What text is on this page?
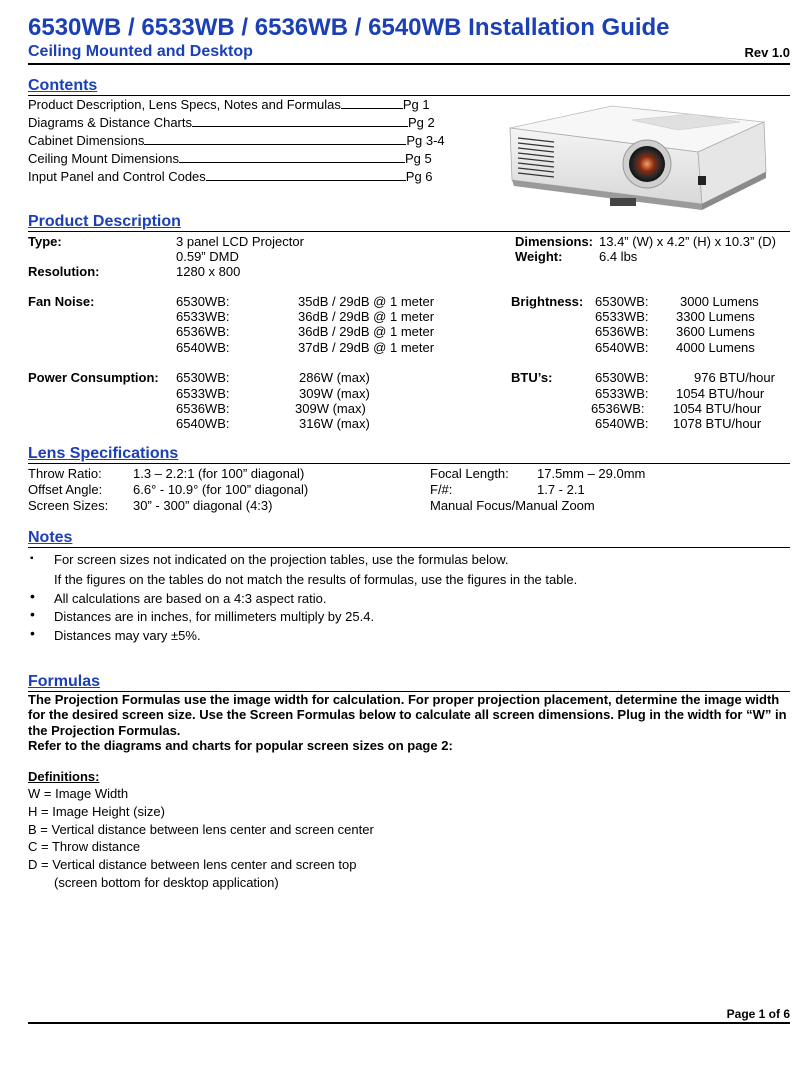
6530WB / 6533WB / 6536WB / 6540WB Installation Guide
Ceiling Mounted and Desktop	Rev 1.0
Contents
Product Description, Lens Specs, Notes and Formulas	Pg 1
Diagrams & Distance Charts	Pg 2
Cabinet Dimensions	Pg 3-4
Ceiling Mount Dimensions	Pg 5
Input Panel and Control Codes	Pg 6
Product Description
Type:	3 panel LCD Projector
0.59” DMD
Resolution:	1280 x 800
Dimensions: 13.4” (W) x 4.2” (H) x 10.3” (D)
Weight:	6.4 lbs
Fan Noise:	6530WB:	35dB / 29dB @ 1 meter
6533WB:	36dB / 29dB @ 1 meter
6536WB:	36dB / 29dB @ 1 meter
6540WB:	37dB / 29dB @ 1 meter
Brightness: 6530WB: 3000 Lumens
6533WB: 3300 Lumens
6536WB: 3600 Lumens
6540WB: 4000 Lumens
Power Consumption: 6530WB:	286W (max)
6533WB:	309W (max)
6536WB:	309W (max)
6540WB:	316W (max)
BTU’s:	6530WB:	976 BTU/hour
6533WB: 1054 BTU/hour
6536WB: 1054 BTU/hour
6540WB: 1078 BTU/hour
Lens Specifications
Throw Ratio: 1.3 – 2.2:1 (for 100” diagonal)
Offset Angle: 6.6° - 10.9° (for 100” diagonal)
Screen Sizes: 30” - 300” diagonal (4:3)
Focal Length: 17.5mm – 29.0mm
F/#:	1.7 - 2.1
Manual Focus/Manual Zoom
Notes
▪ For screen sizes not indicated on the projection tables, use the formulas below.
If the figures on the tables do not match the results of formulas, use the figures in the table.
• All calculations are based on a 4:3 aspect ratio.
• Distances are in inches, for millimeters multiply by 25.4.
• Distances may vary ±5%.
Formulas
The Projection Formulas use the image width for calculation. For proper projection placement, determine the image width
for the desired screen size. Use the Screen Formulas below to calculate all screen dimensions. Plug in the width for “W” in
the Projection Formulas.
Refer to the diagrams and charts for popular screen sizes on page 2:
Definitions:
W = Image Width
H = Image Height (size)
B = Vertical distance between lens center and screen center
C = Throw distance
D = Vertical distance between lens center and screen top
(screen bottom for desktop application)
Page 1 of 6
